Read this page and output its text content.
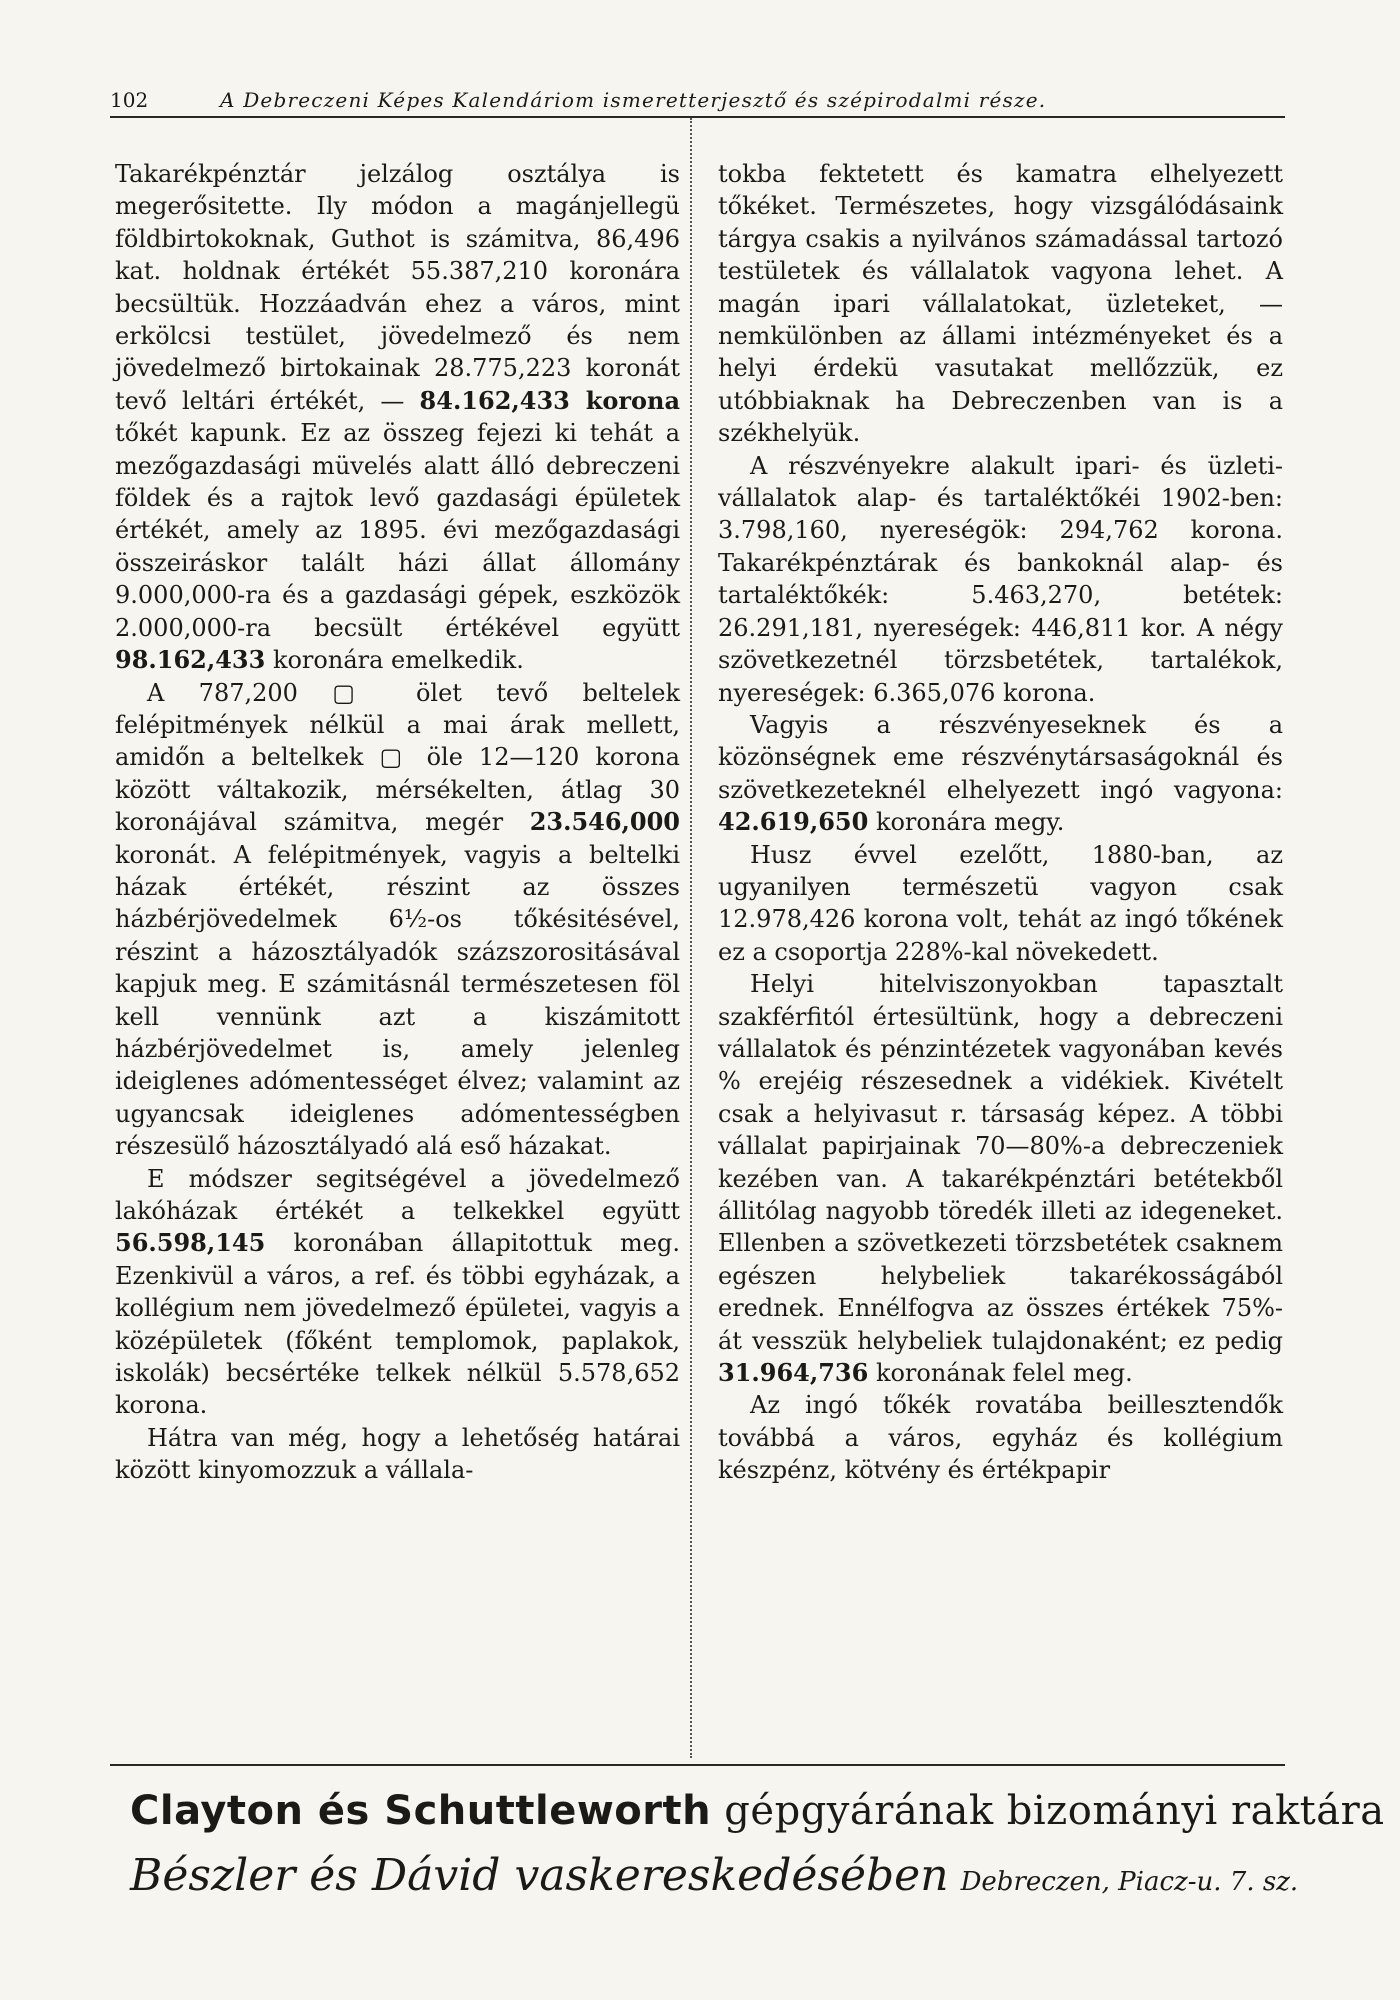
102	A Debreczeni Képes Kalendáriom ismeretterjesztő és szépirodalmi része.

Takarékpénztár jelzálog osztálya is megerősitette. Ily módon a magánjellegü földbirtokoknak, Guthot is számitva, 86,496 kat. holdnak értékét 55.387,210 koronára becsültük. Hozzáadván ehez a város, mint erkölcsi testület, jövedelmező és nem jövedelmező birtokainak 28.775,223 koronát tevő leltári értékét, — 84.162,433 korona tőkét kapunk. Ez az összeg fejezi ki tehát a mezőgazdasági müvelés alatt álló debreczeni földek és a rajtok levő gazdasági épületek értékét, amely az 1895. évi mezőgazdasági összeiráskor talált házi állat állomány 9.000,000-ra és a gazdasági gépek, eszközök 2.000,000-ra becsült értékével együtt 98.162,433 koronára emelkedik.

A 787,200 ▢ ölet tevő beltelek felépitmények nélkül a mai árak mellett, amidőn a beltelkek ▢ öle 12—120 korona között váltakozik, mérsékelten, átlag 30 koronájával számitva, megér 23.546,000 koronát. A felépitmények, vagyis a beltelki házak értékét, részint az összes házbérjövedelmek 6½-os tőkésitésével, részint a házosztályadók százszorositásával kapjuk meg. E számitásnál természetesen föl kell vennünk azt a kiszámitott házbérjövedelmet is, amely jelenleg ideiglenes adómentességet élvez; valamint az ugyancsak ideiglenes adómentességben részesülő házosztályadó alá eső házakat.

E módszer segitségével a jövedelmező lakóházak értékét a telkekkel együtt 56.598,145 koronában állapitottuk meg. Ezenkivül a város, a ref. és többi egyházak, a kollégium nem jövedelmező épületei, vagyis a középületek (főként templomok, paplakok, iskolák) becsértéke telkek nélkül 5.578,652 korona.

Hátra van még, hogy a lehetőség határai között kinyomozzuk a vállala-

tokba fektetett és kamatra elhelyezett tőkéket. Természetes, hogy vizsgálódásaink tárgya csakis a nyilvános számadással tartozó testületek és vállalatok vagyona lehet. A magán ipari vállalatokat, üzleteket, — nemkülönben az állami intézményeket és a helyi érdekü vasutakat mellőzzük, ez utóbbiaknak ha Debreczenben van is a székhelyük.

A részvényekre alakult ipari- és üzleti-vállalatok alap- és tartaléktőkéi 1902-ben: 3.798,160, nyereségök: 294,762 korona. Takarékpénztárak és bankoknál alap- és tartaléktőkék: 5.463,270, betétek: 26.291,181, nyereségek: 446,811 kor. A négy szövetkezetnél törzsbetétek, tartalékok, nyereségek: 6.365,076 korona.

Vagyis a részvényeseknek és a közönségnek eme részvénytársaságoknál és szövetkezeteknél elhelyezett ingó vagyona: 42.619,650 koronára megy.

Husz évvel ezelőtt, 1880-ban, az ugyanilyen természetü vagyon csak 12.978,426 korona volt, tehát az ingó tőkének ez a csoportja 228%-kal növekedett.

Helyi hitelviszonyokban tapasztalt szakférfitól értesültünk, hogy a debreczeni vállalatok és pénzintézetek vagyonában kevés % erejéig részesednek a vidékiek. Kivételt csak a helyivasut r. társaság képez. A többi vállalat papirjainak 70—80%-a debreczeniek kezében van. A takarékpénztári betétekből állitólag nagyobb töredék illeti az idegeneket. Ellenben a szövetkezeti törzsbetétek csaknem egészen helybeliek takarékosságából erednek. Ennélfogva az összes értékek 75%-át vesszük helybeliek tulajdonaként; ez pedig 31.964,736 koronának felel meg.

Az ingó tőkék rovatába beillesztendők továbbá a város, egyház és kollégium készpénz, kötvény és értékpapir

Clayton és Schuttleworth gépgyárának bizományi raktára
Bészler és Dávid vaskereskedésében Debreczen, Piacz-u. 7. sz.
